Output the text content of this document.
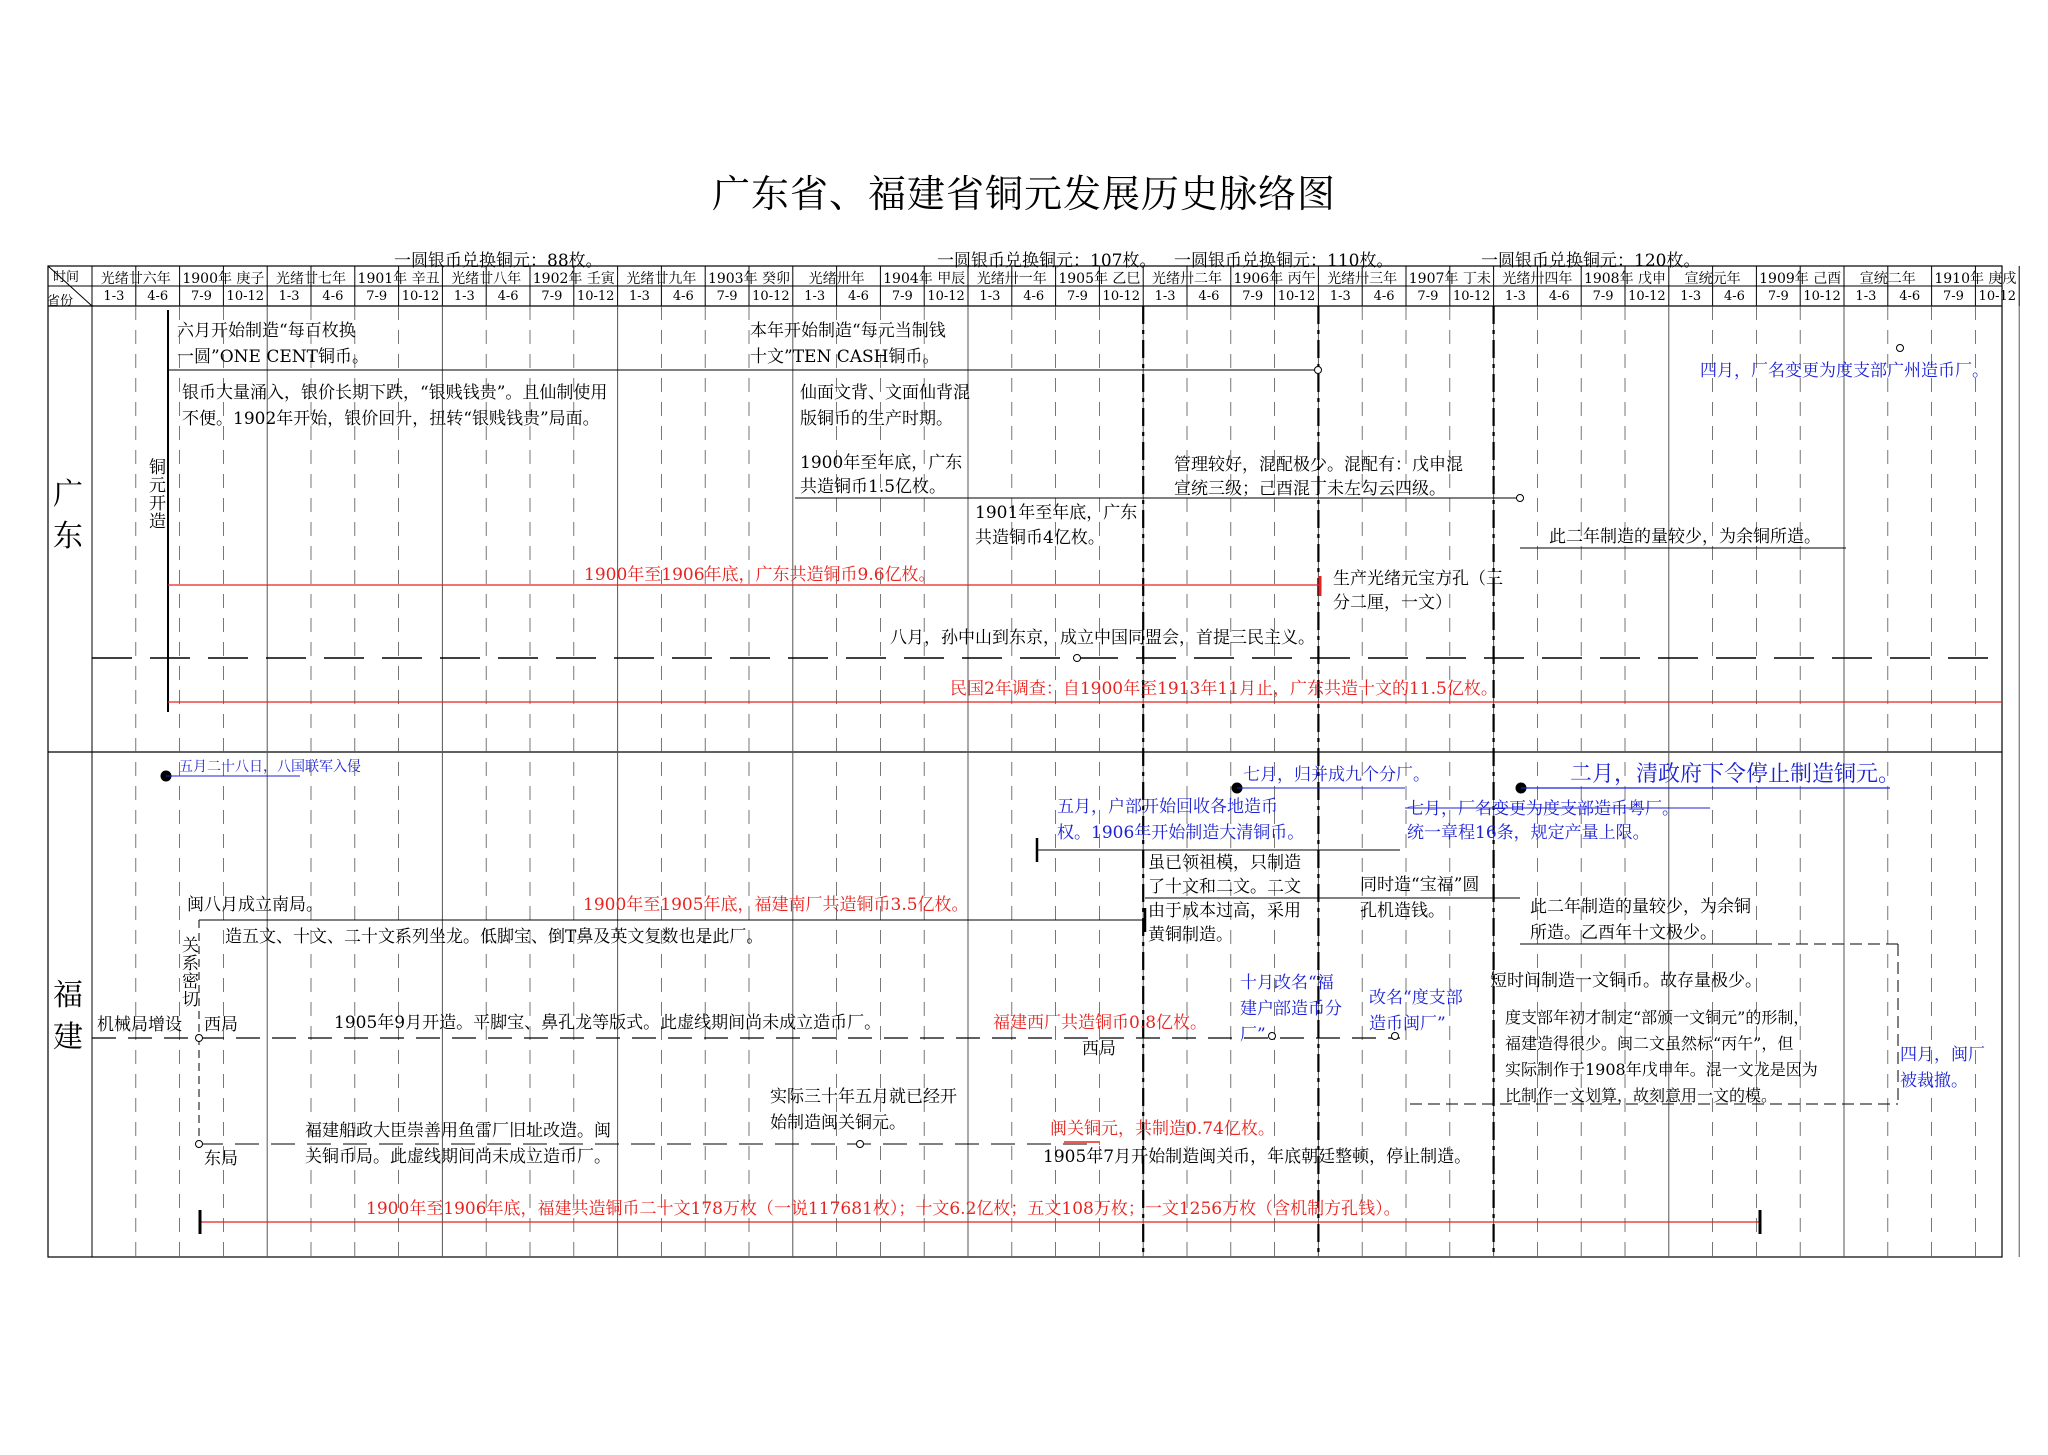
广东省、福建省铜元发展历史脉络图
一圆银币兑换铜元：88枚。	一圆银币兑换铜元：107枚。 一圆银币兑换铜元：110枚。	一圆银币兑换铜元：120枚。
时间
省份
光绪廿六年 1900年 庚子
1-3	4-6	7-9	10-12
光绪廿七年 1901年 辛丑
1-3	4-6	7-9	10-12
光绪廿八年 1902年 壬寅
1-3	4-6	7-9	10-12
光绪廿九年 1903年 癸卯
1-3	4-6	7-9	10-12
光绪卅年	1904年 甲辰
1-3	4-6	7-9	10-12
光绪卅一年 1905年 乙巳
1-3	4-6	7-9	10-12
光绪卅二年 1906年 丙午
1-3	4-6	7-9	10-12
光绪卅三年 1907年 丁未
1-3	4-6	7-9	10-12
光绪卅四年 1908年 戊申
1-3	4-6	7-9	10-12
宣统元年	1909年 己酉
1-3	4-6	7-9	10-12
宣统二年	1910年 庚戌
1-3	4-6	7-9	10-12
广东
福建
铜元开造
六月开始制造“每百枚换
一圆”ONE CENT铜币。
银币大量涌入，银价长期下跌，“银贱钱贵”。且仙制使用
不便。1902年开始，银价回升，扭转“银贱钱贵”局面。
本年开始制造“每元当制钱
十文”TEN CASH铜币。
仙面文背、文面仙背混
版铜币的生产时期。
1900年至年底，广东
共造铜币1.5亿枚。
1901年至年底，广东
共造铜币4亿枚。
管理较好，混配极少。混配有：戊申混
宣统三级；己酉混丁未左勾云四级。
此二年制造的量较少，为余铜所造。
1900年至1906年底，广东共造铜币9.6亿枚。	生产光绪元宝方孔（三
分二厘，一文）
八月，孙中山到东京，成立中国同盟会，首提三民主义。
民国2年调查：自1900年至1913年11月止，广东共造十文的11.5亿枚。
四月，厂名变更为度支部广州造币厂。
五月二十八日，八国联军入侵	七月，归并成九个分厂。	二月，清政府下令停止制造铜元。
五月，户部开始回收各地造币
权。1906年开始制造大清铜币。
七月，厂名变更为度支部造币粤厂。
统一章程16条，规定产量上限。
虽已领祖模，只制造
了十文和二文。二文
由于成本过高，采用
黄铜制造。
同时造“宝福”圆
孔机造钱。
闽八月成立南局。	1900年至1905年底，福建南厂共造铜币3.5亿枚。	此二年制造的量较少，为余铜
所造。乙酉年十文极少。
造五文、十文、二十文系列坐龙。低脚宝、倒T鼻及英文复数也是此厂。
关系密切	十月改名“福
建户部造币分
厂”
改名“度支部
造币闽厂”
短时间制造一文铜币。故存量极少。
机械局增设 西局	1905年9月开造。平脚宝、鼻孔龙等版式。此虚线期间尚未成立造币厂。	福建西厂共造铜币0.8亿枚。
西局
度支部年初才制定“部颁一文铜元”的形制，
福建造得很少。闽二文虽然标“丙午”，但
实际制作于1908年戊申年。混一文龙是因为
比制作一文划算，故刻意用一文的模。
四月，闽厂
被裁撤。
实际三十年五月就已经开
始制造闽关铜元。
福建船政大臣崇善用鱼雷厂旧址改造。闽
关铜币局。此虚线期间尚未成立造币厂。
东局
闽关铜元，共制造0.74亿枚。
1905年7月开始制造闽关币，年底朝廷整顿，停止制造。
1900年至1906年底，福建共造铜币二十文178万枚（一说117681枚）；十文6.2亿枚；五文108万枚；一文1256万枚（含机制方孔钱）。
